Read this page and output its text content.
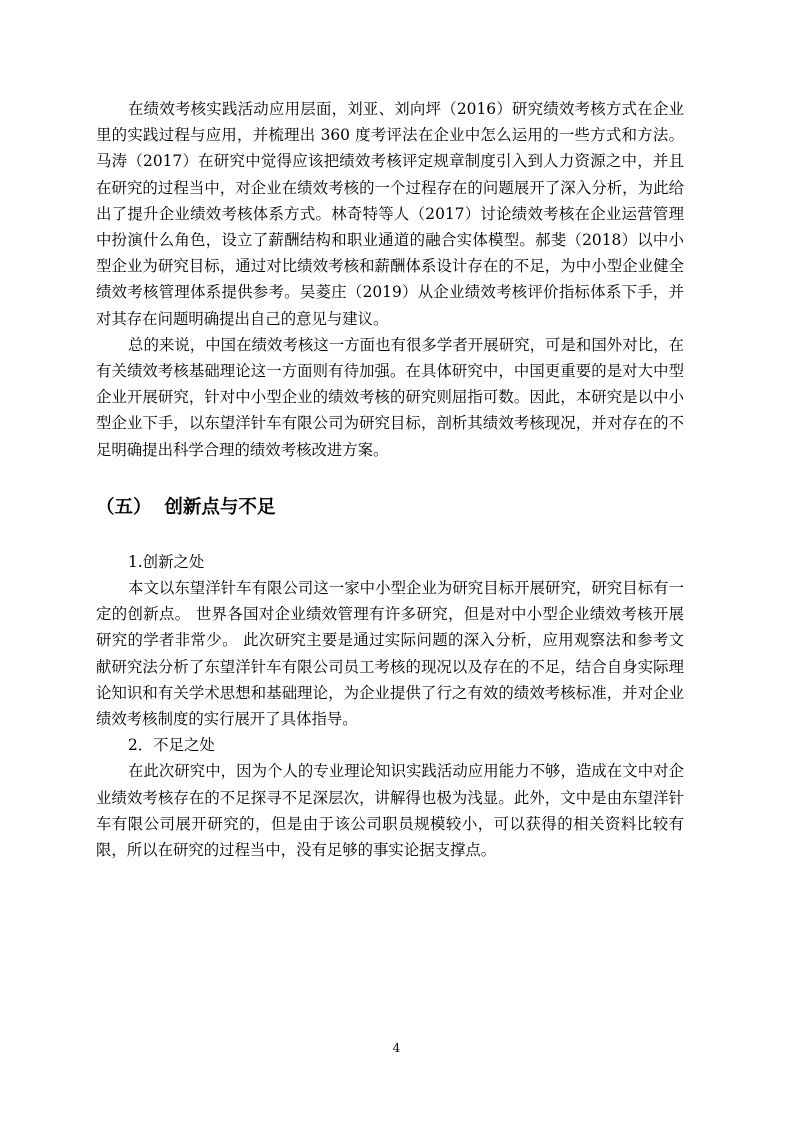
在绩效考核实践活动应用层面，刘亚、刘向坪（2016）研究绩效考核方式在企业里的实践过程与应用，并梳理出 360 度考评法在企业中怎么运用的一些方式和方法。马涛（2017）在研究中觉得应该把绩效考核评定规章制度引入到人力资源之中，并且在研究的过程当中，对企业在绩效考核的一个过程存在的问题展开了深入分析，为此给出了提升企业绩效考核体系方式。林奇特等人（2017）讨论绩效考核在企业运营管理中扮演什么角色，设立了薪酬结构和职业通道的融合实体模型。郝斐（2018）以中小型企业为研究目标，通过对比绩效考核和薪酬体系设计存在的不足，为中小型企业健全绩效考核管理体系提供参考。吴菱庄（2019）从企业绩效考核评价指标体系下手，并对其存在问题明确提出自己的意见与建议。

总的来说，中国在绩效考核这一方面也有很多学者开展研究，可是和国外对比，在有关绩效考核基础理论这一方面则有待加强。在具体研究中，中国更重要的是对大中型企业开展研究，针对中小型企业的绩效考核的研究则屈指可数。因此，本研究是以中小型企业下手，以东望洋针车有限公司为研究目标，剖析其绩效考核现况，并对存在的不足明确提出科学合理的绩效考核改进方案。

（五）  创新点与不足

1.创新之处

本文以东望洋针车有限公司这一家中小型企业为研究目标开展研究，研究目标有一定的创新点。 世界各国对企业绩效管理有许多研究，但是对中小型企业绩效考核开展研究的学者非常少。 此次研究主要是通过实际问题的深入分析，应用观察法和参考文献研究法分析了东望洋针车有限公司员工考核的现况以及存在的不足，结合自身实际理论知识和有关学术思想和基础理论，为企业提供了行之有效的绩效考核标准，并对企业绩效考核制度的实行展开了具体指导。

2．不足之处

在此次研究中，因为个人的专业理论知识实践活动应用能力不够，造成在文中对企业绩效考核存在的不足探寻不足深层次，讲解得也极为浅显。此外，文中是由东望洋针车有限公司展开研究的，但是由于该公司职员规模较小，可以获得的相关资料比较有限，所以在研究的过程当中，没有足够的事实论据支撑点。

4
